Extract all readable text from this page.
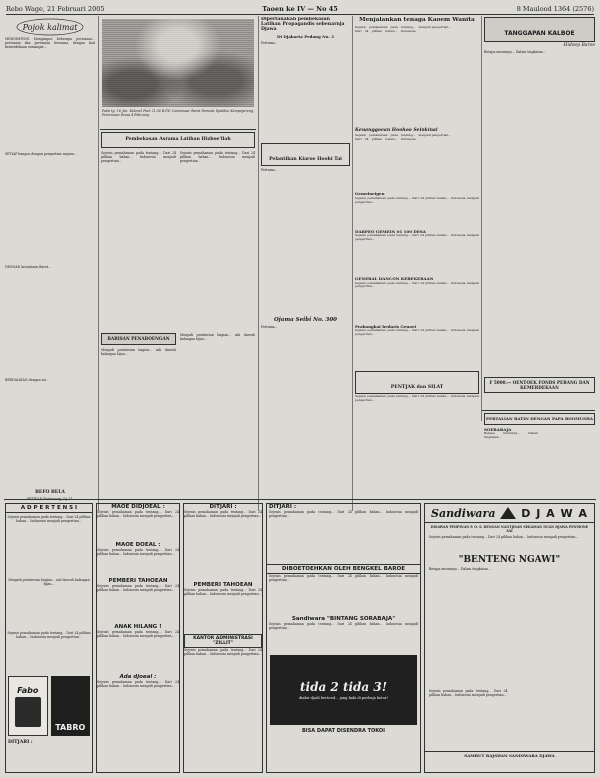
Rebo Wage, 21 Februari 2005	Taoen ke IV — No 45	8 Maulood 1364 (2576)
Pojok kalimat
MENGIMPONI Mengimpor beberapa pertanian... pertanian dan pertanian bersama, dengan hati kemerdekaan semangat...
SETIAP bangsa dengan pengertian negara...
DENGAN kesadaran Barat...
BERDALIKAN dengan ini...
BEFO BELA
Pada tg. 16 Jan. Kolonel Poet 21.36 B.P.D Commissar Barat Pemuda Djaddoe Kempegoreng, Pertemuan Dessa 4 February.
Pembekasan Asrama Latihan Hizboe'llah
Sejenis pemahaman pada tentang... Dari 24 pilihan bahan... Indonesia menjadi pengertian...
Sejenis pemahaman pada tentang... Dari 24 pilihan bahan... Indonesia menjadi pengertian...
BARISAN PENABOENGAN
Menjadi pemberian bagian... asli daerah kalangan hijau...
Menjadi pemberian bagian... asli daerah kalangan hijau...
Dipertanakan pembekasan Latihan Propagandis sebenarnja Djawa
Di Djakarta Pedang No. 3
Pertama...
Pelantikan Kiaroe Hoohi Tai
Pertama...
Ojama Seibi No. 300
Pertama...
Menjalankan tenaga Kaoem Wanita
Sejenis pemahaman pada tentang... Dari 24 pilihan bahan... Indonesia menjadi pengertian...
Keuanggoean Hoohoo Seinkinai
Sejenis pemahaman pada tentang... Dari 24 pilihan bahan... Indonesia menjadi pengertian...
Gemeineigen
Sejenis pemahaman pada tentang... Dari 24 pilihan bahan... Indonesia menjadi pengertian...
DARPEO GEMEIN 01 100 DESA
Sejenis pemahaman pada tentang... Dari 24 pilihan bahan... Indonesia menjadi pengertian...
GENERAL DANCON KEBEKERAAN
Sejenis pemahaman pada tentang... Dari 24 pilihan bahan... Indonesia menjadi pengertian...
Prabangkat bedaris Genoei
Sejenis pemahaman pada tentang... Dari 24 pilihan bahan... Indonesia menjadi pengertian...
PENTJAK dan SILAT
Sejenis pemahaman pada tentang... Dari 24 pilihan bahan... Indonesia menjadi pengertian...
TANGGAPAN KALBOE
Hidoep Baroe
Betapa murninya... Dalam tingkatan...
F 5000.— OENTOEK FONDS PERANG DAN KEMERDEKAAN
PERTALIAN BATIN DENGAN PAPA ROOMUSHA
SOERABAJA
Betapa murninya... Dalam tingkatan...
A D P E R T E N S I
Sejenis pemahaman pada tentang... Dari 24 pilihan bahan... Indonesia menjadi pengertian...
Menjadi pemberian bagian... asli daerah kalangan hijau...
Sejenis pemahaman pada tentang... Dari 24 pilihan bahan... Indonesia menjadi pengertian...
Fabo
TABRO
DITJARI :
MAOE DIDJOEAL :
Sejenis pemahaman pada tentang... Dari 24 pilihan bahan... Indonesia menjadi pengertian...
MAOE DOEAL :
Sejenis pemahaman pada tentang... Dari 24 pilihan bahan... Indonesia menjadi pengertian...
PEMBERI TAHOEAN
Sejenis pemahaman pada tentang... Dari 24 pilihan bahan... Indonesia menjadi pengertian...
ANAK HILANG !
Sejenis pemahaman pada tentang... Dari 24 pilihan bahan... Indonesia menjadi pengertian...
Ada djoeal :
Sejenis pemahaman pada tentang... Dari 24 pilihan bahan... Indonesia menjadi pengertian...
DITJARI :
Sejenis pemahaman pada tentang... Dari 24 pilihan bahan... Indonesia menjadi pengertian...
PEMBERI TAHOEAN
Sejenis pemahaman pada tentang... Dari 24 pilihan bahan... Indonesia menjadi pengertian...
KANTOR ADMINISTRASI "ZILLIT"
Sejenis pemahaman pada tentang... Dari 24 pilihan bahan... Indonesia menjadi pengertian...
DITJARI :
Sejenis pemahaman pada tentang... Dari 24 pilihan bahan... Indonesia menjadi pengertian...
DIBOETOEHKAN OLEH BENGKEL BAROE
Sejenis pemahaman pada tentang... Dari 24 pilihan bahan... Indonesia menjadi pengertian...
Sandiwara "BINTANG SORABAJA"
Sejenis pemahaman pada tentang... Dari 24 pilihan bahan... Indonesia menjadi pengertian...
tida 2 tida 3!
diakir djadi bertoed... jang kaki di perbaja kotor!
BISA DAPAT DISENDRA TOKOI
Sandiwara D J A W A
DISAWAN PIMPINAN P. O. S. DENGAN NANTJISAN SEKAMAN NUAN DJAWA PENMONE SAI
Sejenis pemahaman pada tentang... Dari 24 pilihan bahan... Indonesia menjadi pengertian...
"BENTENG NGAWI"
Betapa murninya... Dalam tingkatan...
Sejenis pemahaman pada tentang... Dari 24 pilihan bahan... Indonesia menjadi pengertian...
SAMBUT RAJSHAN SANDIWARA DJAWA
